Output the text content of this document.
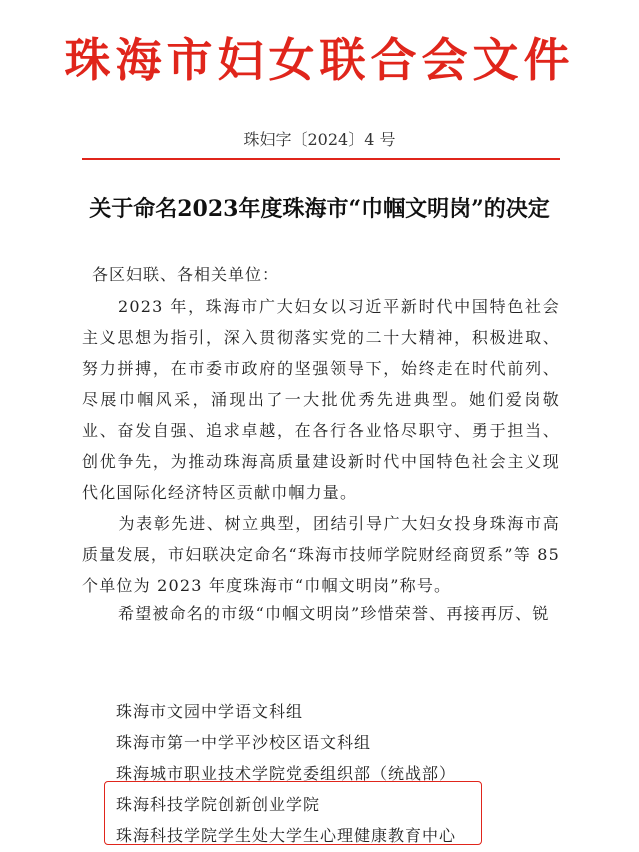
珠海市妇女联合会文件
珠妇字〔2024〕4 号
关于命名2023年度珠海市“巾帼文明岗”的决定
各区妇联、各相关单位：

2023 年，珠海市广大妇女以习近平新时代中国特色社会主义思想为指引，深入贯彻落实党的二十大精神，积极进取、努力拼搏，在市委市政府的坚强领导下，始终走在时代前列、尽展巾帼风采，涌现出了一大批优秀先进典型。她们爱岗敬业、奋发自强、追求卓越，在各行各业恪尽职守、勇于担当、创优争先，为推动珠海高质量建设新时代中国特色社会主义现代化国际化经济特区贡献巾帼力量。

为表彰先进、树立典型，团结引导广大妇女投身珠海市高质量发展，市妇联决定命名“珠海市技师学院财经商贸系”等 85 个单位为 2023 年度珠海市“巾帼文明岗”称号。

希望被命名的市级“巾帼文明岗”珍惜荣誉、再接再厉、锐

珠海市文园中学语文科组
珠海市第一中学平沙校区语文科组
珠海城市职业技术学院党委组织部（统战部）
珠海科技学院创新创业学院
珠海科技学院学生处大学生心理健康教育中心
